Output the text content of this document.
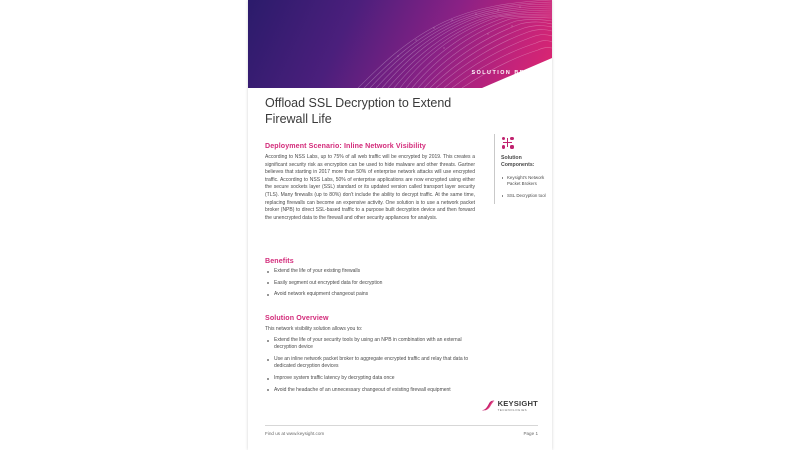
SOLUTION BRIEF
Offload SSL Decryption to Extend Firewall Life
Deployment Scenario: Inline Network Visibility
According to NSS Labs, up to 75% of all web traffic will be encrypted by 2019. This creates a significant security risk as encryption can be used to hide malware and other threats. Gartner believes that starting in 2017 more than 50% of enterprise network attacks will use encrypted traffic. According to NSS Labs, 50% of enterprise applications are now encrypted using either the secure sockets layer (SSL) standard or its updated version called transport layer security (TLS). Many firewalls (up to 80%) don't include the ability to decrypt traffic. At the same time, replacing firewalls can become an expensive activity. One solution is to use a network packet broker (NPB) to direct SSL-based traffic to a purpose built decryption device and then forward the unencrypted data to the firewall and other security appliances for analysis.
Benefits
Extend the life of your existing firewalls
Easily segment out encrypted data for decryption
Avoid network equipment changeout pains
Solution Overview
This network visibility solution allows you to:
Extend the life of your security tools by using an NPB in combination with an external decryption device
Use an inline network packet broker to aggregate encrypted traffic and relay that data to dedicated decryption devices
Improve system traffic latency by decrypting data once
Avoid the headache of an unnecessary changeout of existing firewall equipment
Solution Components:
Keysight's Network Packet Brokers
SSL Decryption tool
KEYSIGHT
TECHNOLOGIES
Find us at www.keysight.com	Page 1
